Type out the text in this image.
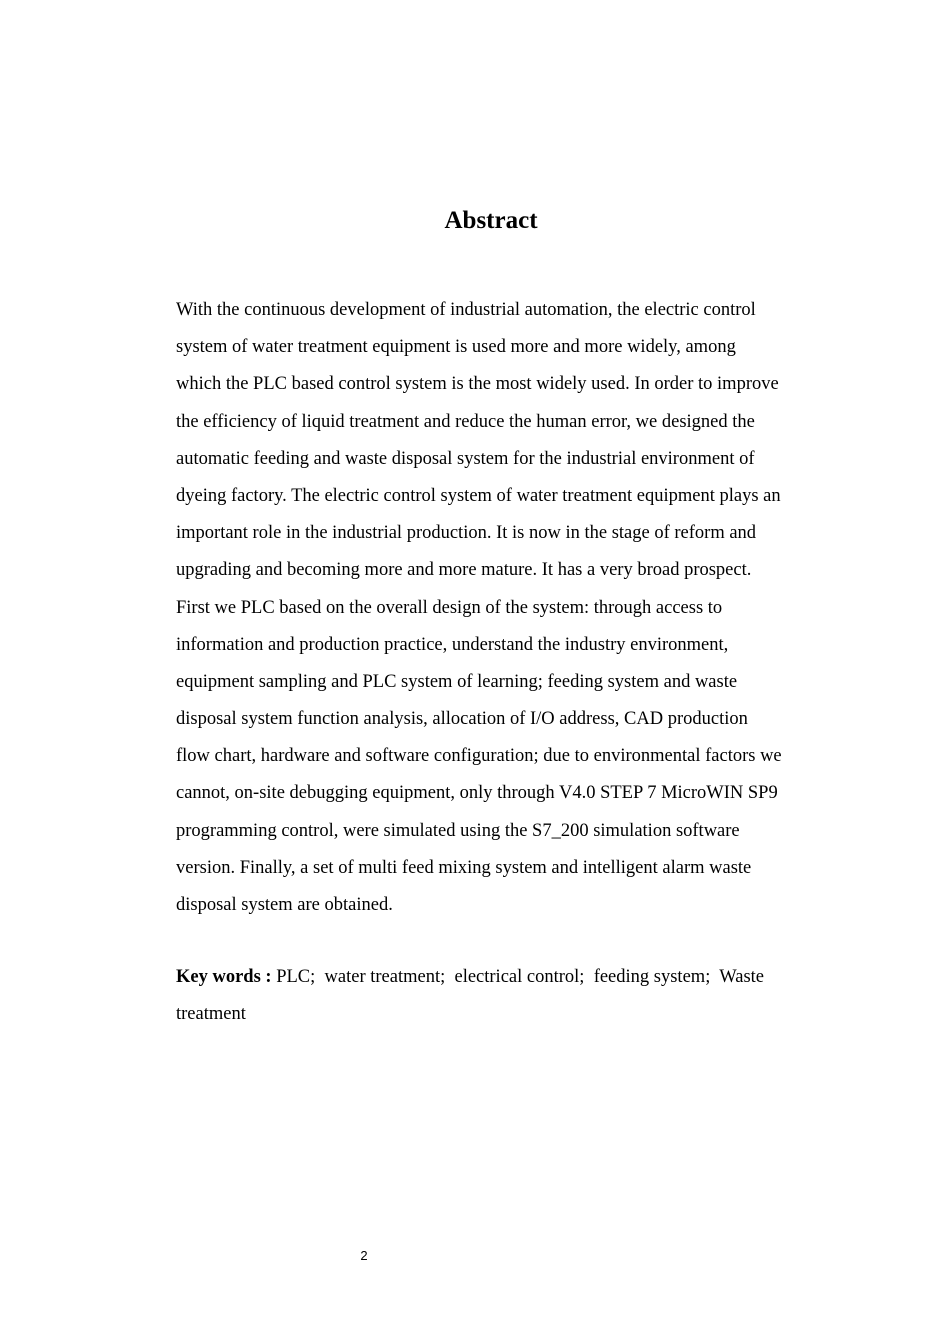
Abstract
With the continuous development of industrial automation, the electric control
system of water treatment equipment is used more and more widely, among
which the PLC based control system is the most widely used. In order to improve
the efficiency of liquid treatment and reduce the human error, we designed the
automatic feeding and waste disposal system for the industrial environment of
dyeing factory. The electric control system of water treatment equipment plays an
important role in the industrial production. It is now in the stage of reform and
upgrading and becoming more and more mature. It has a very broad prospect.
First we PLC based on the overall design of the system: through access to
information and production practice, understand the industry environment,
equipment sampling and PLC system of learning; feeding system and waste
disposal system function analysis, allocation of I/O address, CAD production
flow chart, hardware and software configuration; due to environmental factors we
cannot, on-site debugging equipment, only through V4.0 STEP 7 MicroWIN SP9
programming control, were simulated using the S7_200 simulation software
version. Finally, a set of multi feed mixing system and intelligent alarm waste
disposal system are obtained.
Key words : PLC;  water treatment;  electrical control;  feeding system;  Waste treatment
2
